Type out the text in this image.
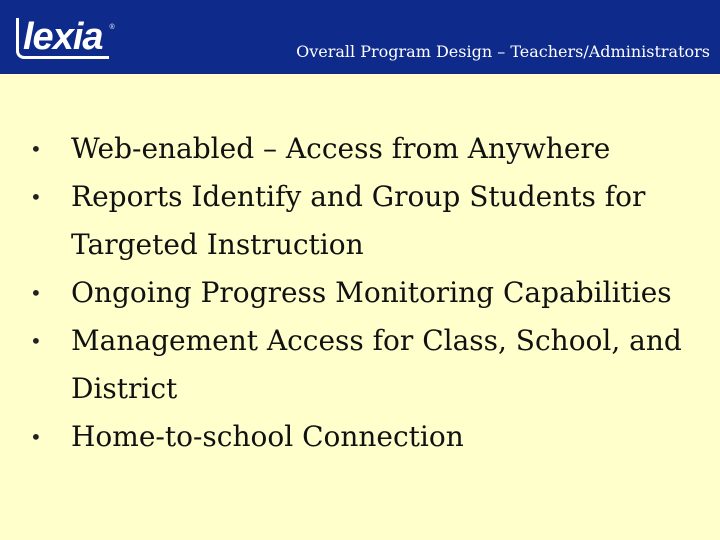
lexia	®
Overall Program Design – Teachers/Administrators
• Web-enabled – Access from Anywhere
• Reports Identify and Group Students for Targeted Instruction
• Ongoing Progress Monitoring Capabilities
• Management Access for Class, School, and District
• Home-to-school Connection
